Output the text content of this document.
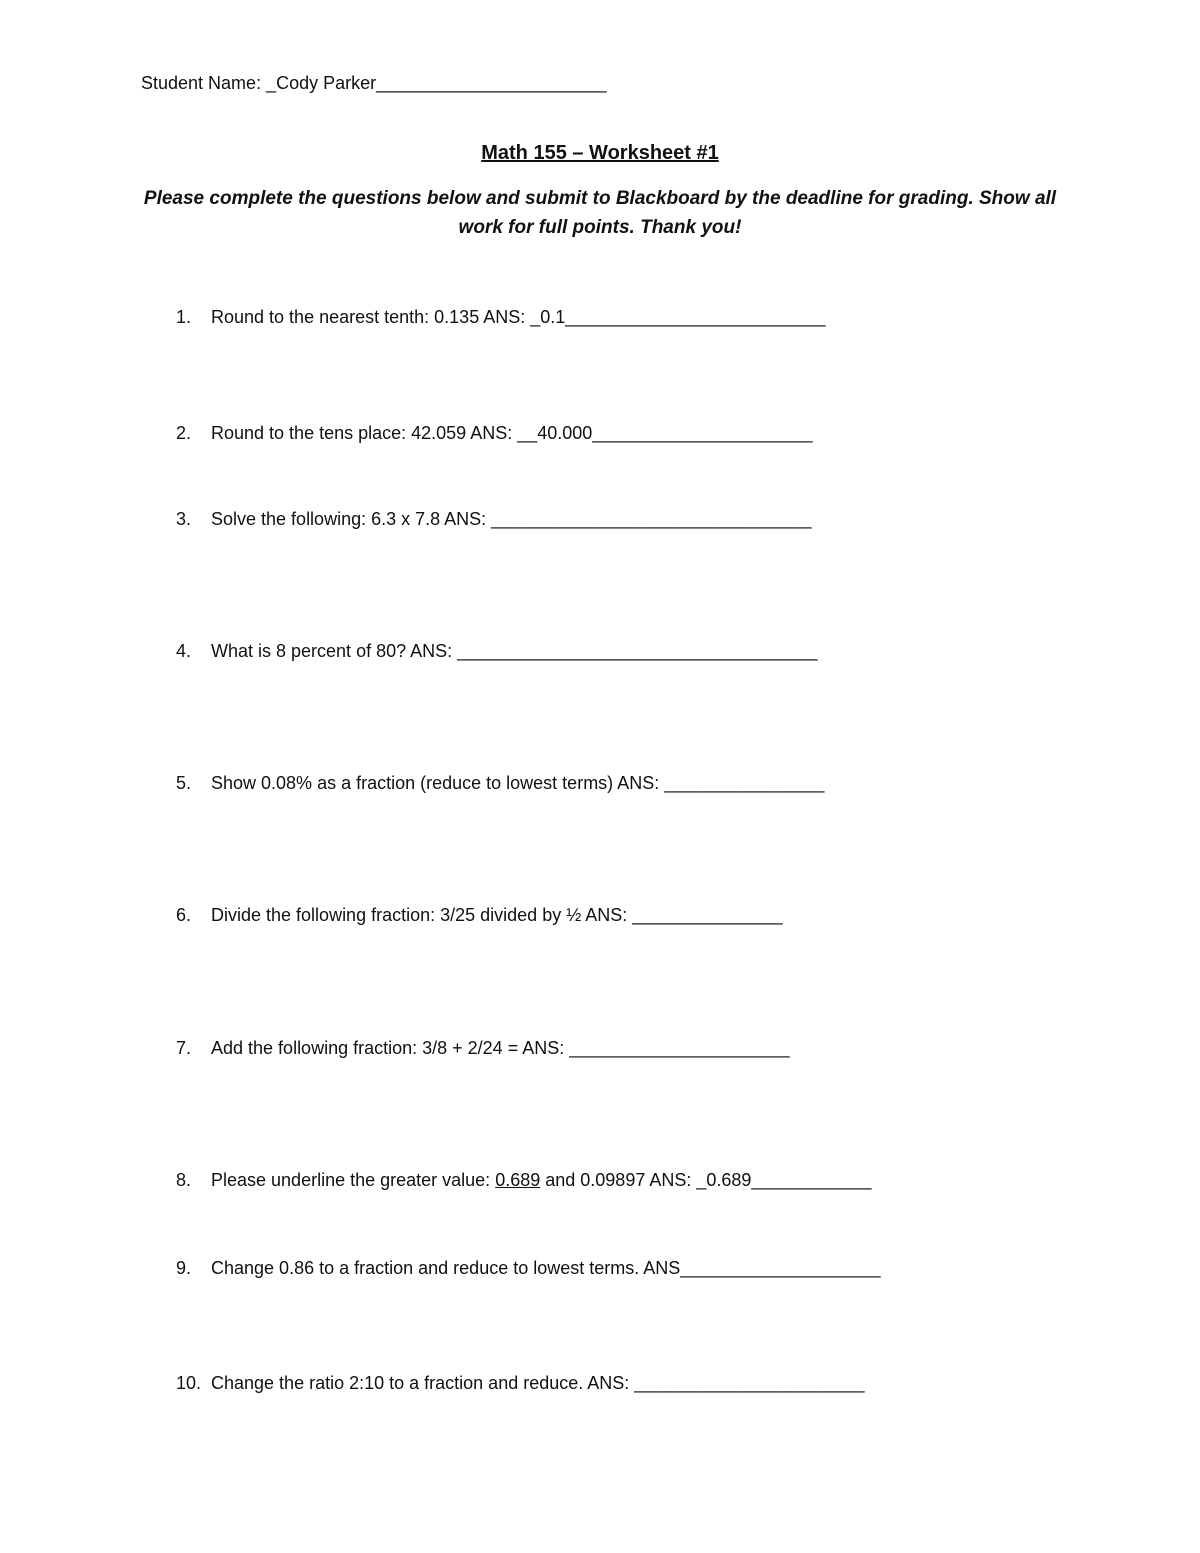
Student Name: _Cody Parker_______________________
Math 155 – Worksheet #1
Please complete the questions below and submit to Blackboard by the deadline for grading. Show all work for full points. Thank you!
1. Round to the nearest tenth: 0.135 ANS: _0.1__________________________
2. Round to the tens place: 42.059 ANS: __40.000______________________
3. Solve the following: 6.3 x 7.8 ANS: ________________________________
4. What is 8 percent of 80? ANS: ____________________________________
5. Show 0.08% as a fraction (reduce to lowest terms) ANS: ________________
6. Divide the following fraction: 3/25 divided by ½ ANS: _______________
7. Add the following fraction: 3/8 + 2/24 = ANS: ______________________
8. Please underline the greater value: 0.689 and 0.09897 ANS: _0.689____________
9. Change 0.86 to a fraction and reduce to lowest terms. ANS____________________
10. Change the ratio 2:10 to a fraction and reduce. ANS: _______________________
